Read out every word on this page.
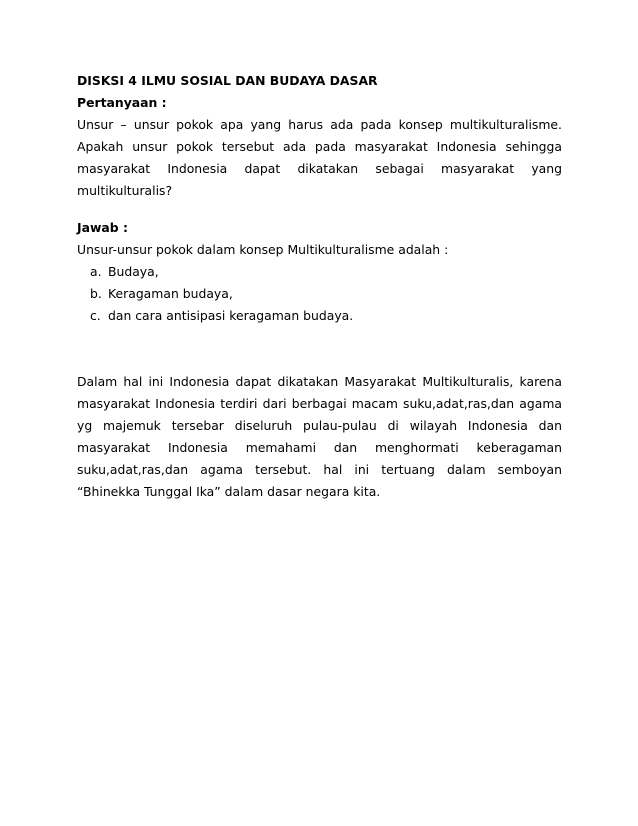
DISKSI 4 ILMU SOSIAL DAN BUDAYA DASAR

Pertanyaan :

Unsur – unsur pokok apa yang harus ada pada konsep multikulturalisme. Apakah unsur pokok tersebut ada pada masyarakat Indonesia sehingga masyarakat Indonesia dapat dikatakan sebagai masyarakat yang multikulturalis?

Jawab :

Unsur-unsur pokok dalam konsep Multikulturalisme adalah :

a. Budaya,
b. Keragaman budaya,
c. dan cara antisipasi keragaman budaya.

Dalam hal ini Indonesia dapat dikatakan Masyarakat Multikulturalis, karena masyarakat Indonesia terdiri dari berbagai macam suku,adat,ras,dan agama yg majemuk tersebar diseluruh pulau-pulau di wilayah Indonesia dan masyarakat Indonesia memahami dan menghormati keberagaman suku,adat,ras,dan agama tersebut. hal ini tertuang dalam semboyan “Bhinekka Tunggal Ika” dalam dasar negara kita.
